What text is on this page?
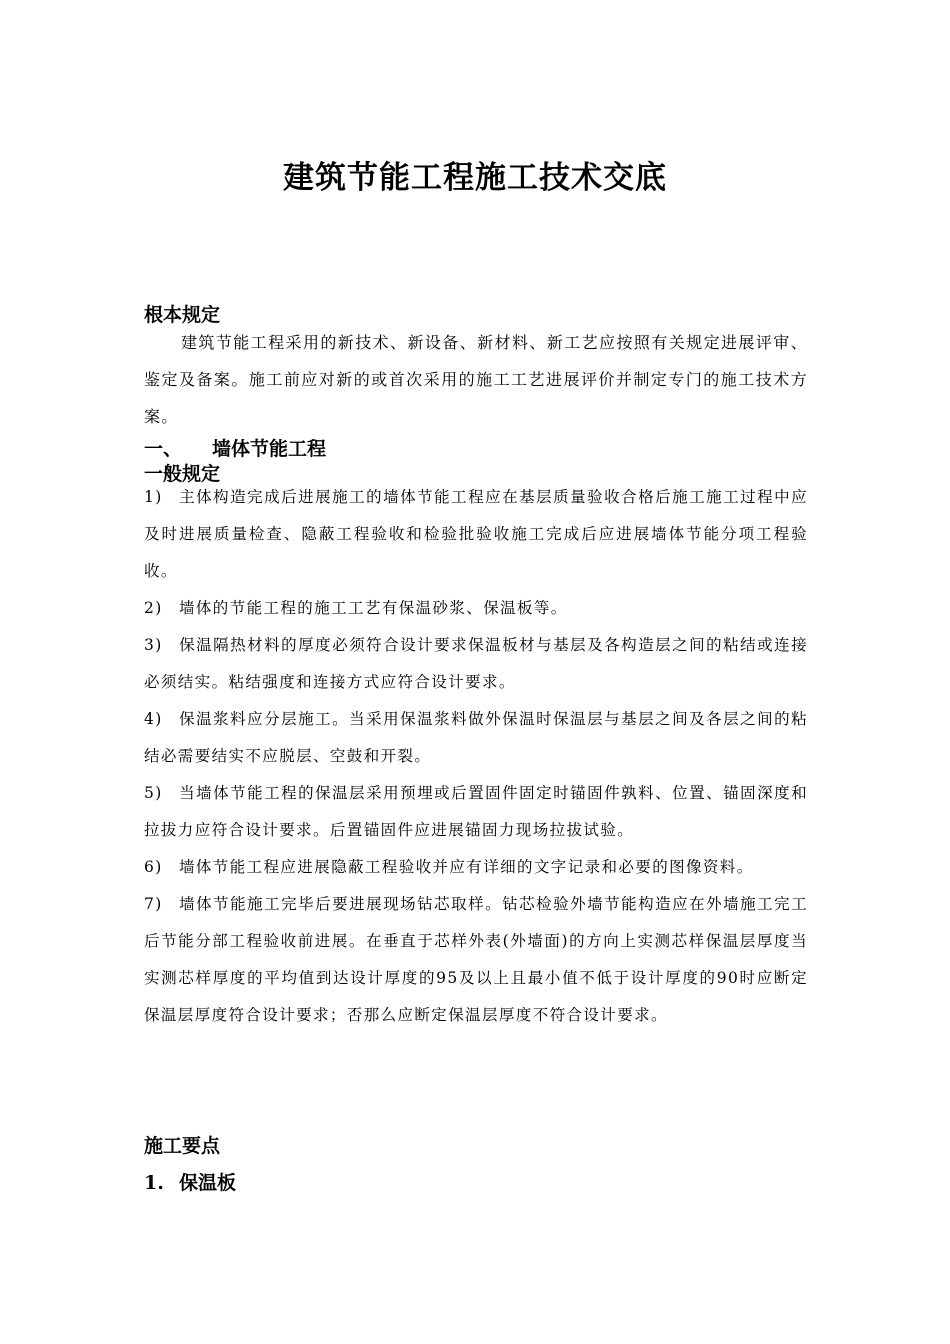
建筑节能工程施工技术交底
根本规定
建筑节能工程采用的新技术、新设备、新材料、新工艺应按照有关规定进展评审、鉴定及备案。施工前应对新的或首次采用的施工工艺进展评价并制定专门的施工技术方案。
一、 墙体节能工程
一般规定
1) 主体构造完成后进展施工的墙体节能工程应在基层质量验收合格后施工施工过程中应及时进展质量检查、隐蔽工程验收和检验批验收施工完成后应进展墙体节能分项工程验收。
2) 墙体的节能工程的施工工艺有保温砂浆、保温板等。
3) 保温隔热材料的厚度必须符合设计要求保温板材与基层及各构造层之间的粘结或连接必须结实。粘结强度和连接方式应符合设计要求。
4) 保温浆料应分层施工。当采用保温浆料做外保温时保温层与基层之间及各层之间的粘结必需要结实不应脱层、空鼓和开裂。
5) 当墙体节能工程的保温层采用预埋或后置固件固定时锚固件孰料、位置、锚固深度和拉拔力应符合设计要求。后置锚固件应进展锚固力现场拉拔试验。
6) 墙体节能工程应进展隐蔽工程验收并应有详细的文字记录和必要的图像资料。
7) 墙体节能施工完毕后要进展现场钻芯取样。钻芯检验外墙节能构造应在外墙施工完工后节能分部工程验收前进展。在垂直于芯样外表(外墙面)的方向上实测芯样保温层厚度当实测芯样厚度的平均值到达设计厚度的95及以上且最小值不低于设计厚度的90时应断定保温层厚度符合设计要求；否那么应断定保温层厚度不符合设计要求。
施工要点
1. 保温板
